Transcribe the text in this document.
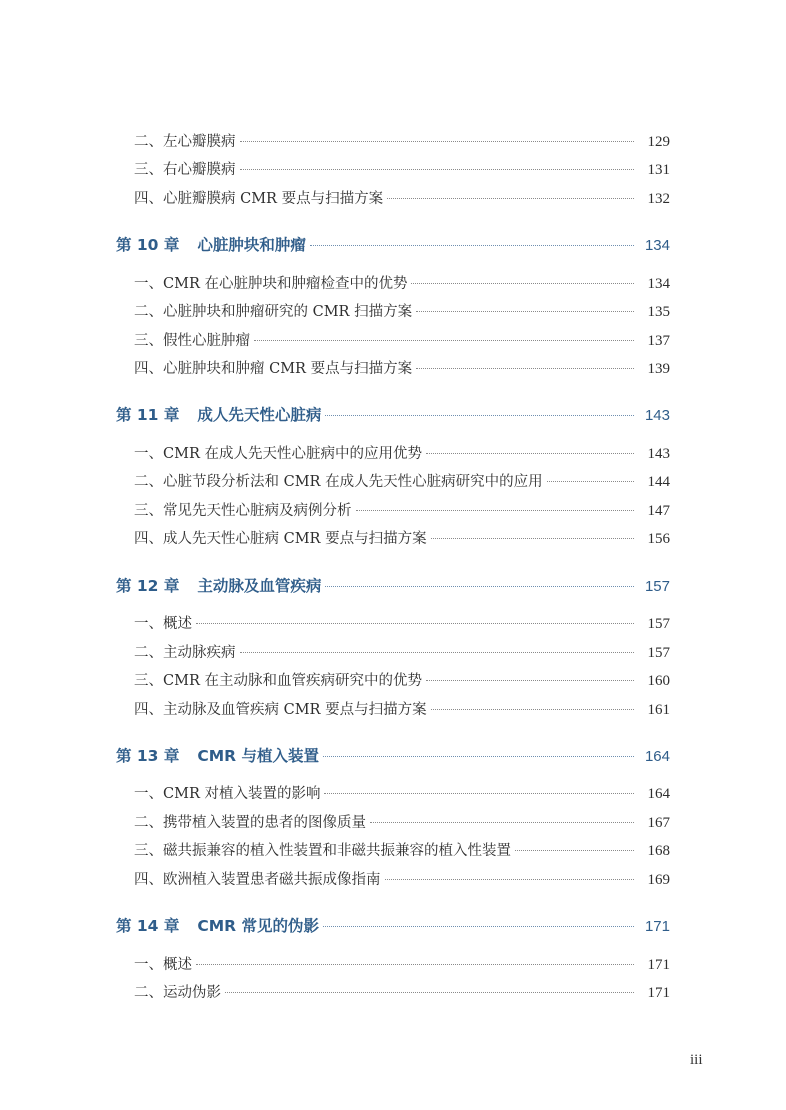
二、左心瓣膜病	129
三、右心瓣膜病	131
四、心脏瓣膜病 CMR 要点与扫描方案	132
第 10 章 心脏肿块和肿瘤	134
一、CMR 在心脏肿块和肿瘤检查中的优势	134
二、心脏肿块和肿瘤研究的 CMR 扫描方案	135
三、假性心脏肿瘤	137
四、心脏肿块和肿瘤 CMR 要点与扫描方案	139
第 11 章 成人先天性心脏病	143
一、CMR 在成人先天性心脏病中的应用优势	143
二、心脏节段分析法和 CMR 在成人先天性心脏病研究中的应用	144
三、常见先天性心脏病及病例分析	147
四、成人先天性心脏病 CMR 要点与扫描方案	156
第 12 章 主动脉及血管疾病	157
一、概述	157
二、主动脉疾病	157
三、CMR 在主动脉和血管疾病研究中的优势	160
四、主动脉及血管疾病 CMR 要点与扫描方案	161
第 13 章 CMR 与植入装置	164
一、CMR 对植入装置的影响	164
二、携带植入装置的患者的图像质量	167
三、磁共振兼容的植入性装置和非磁共振兼容的植入性装置	168
四、欧洲植入装置患者磁共振成像指南	169
第 14 章 CMR 常见的伪影	171
一、概述	171
二、运动伪影	171
iii
